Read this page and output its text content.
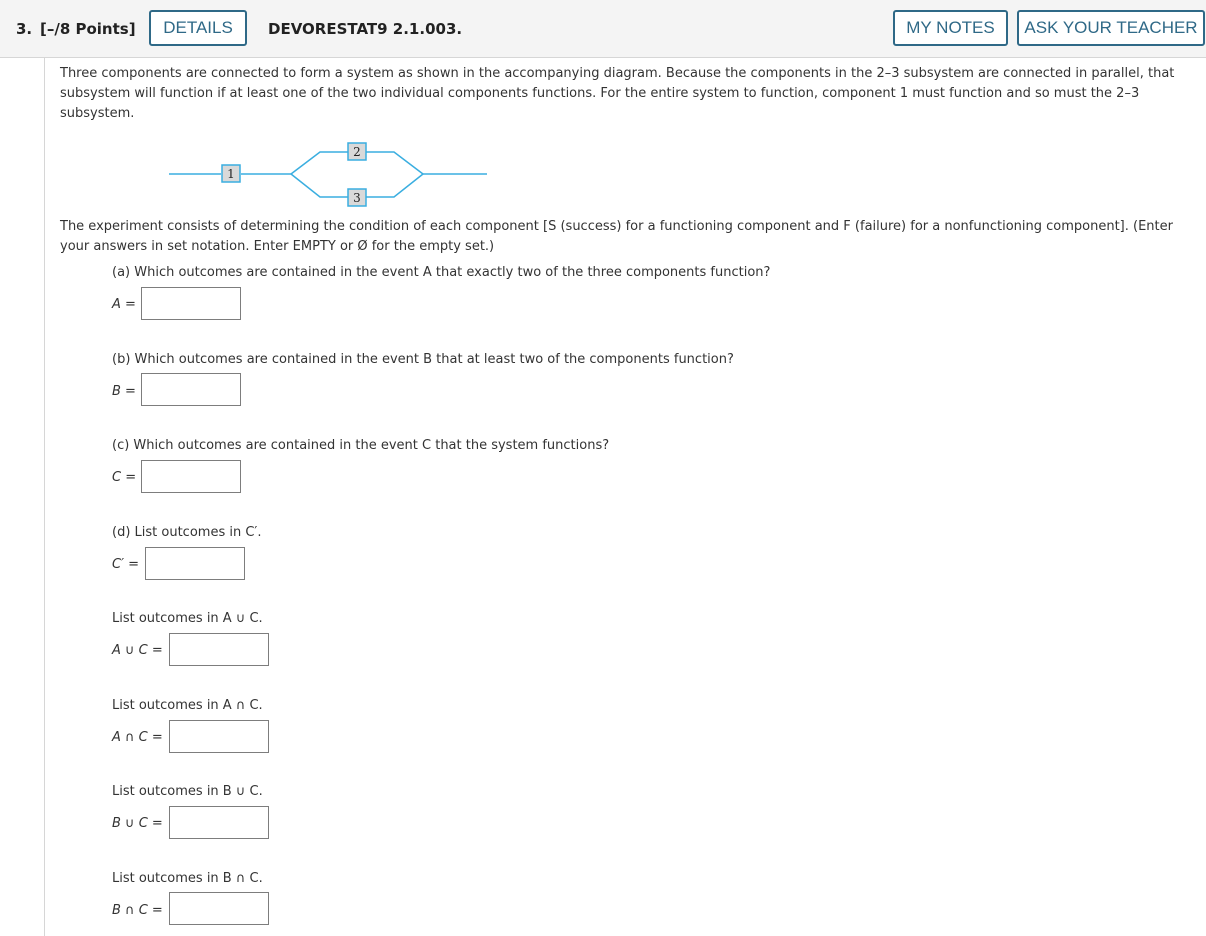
3. [–/8 Points]	DETAILS	DEVORESTAT9 2.1.003.	MY NOTES	ASK YOUR TEACHER
Three components are connected to form a system as shown in the accompanying diagram. Because the components in the 2–3 subsystem are connected in parallel, that subsystem will function if at least one of the two individual components functions. For the entire system to function, component 1 must function and so must the 2–3 subsystem.
1
2
3
The experiment consists of determining the condition of each component [S (success) for a functioning component and F (failure) for a nonfunctioning component]. (Enter your answers in set notation. Enter EMPTY or Ø for the empty set.)
(a) Which outcomes are contained in the event A that exactly two of the three components function?
A =
(b) Which outcomes are contained in the event B that at least two of the components function?
B =
(c) Which outcomes are contained in the event C that the system functions?
C =
(d) List outcomes in C′.
C′ =
List outcomes in A ∪ C.
A ∪ C =
List outcomes in A ∩ C.
A ∩ C =
List outcomes in B ∪ C.
B ∪ C =
List outcomes in B ∩ C.
B ∩ C =
